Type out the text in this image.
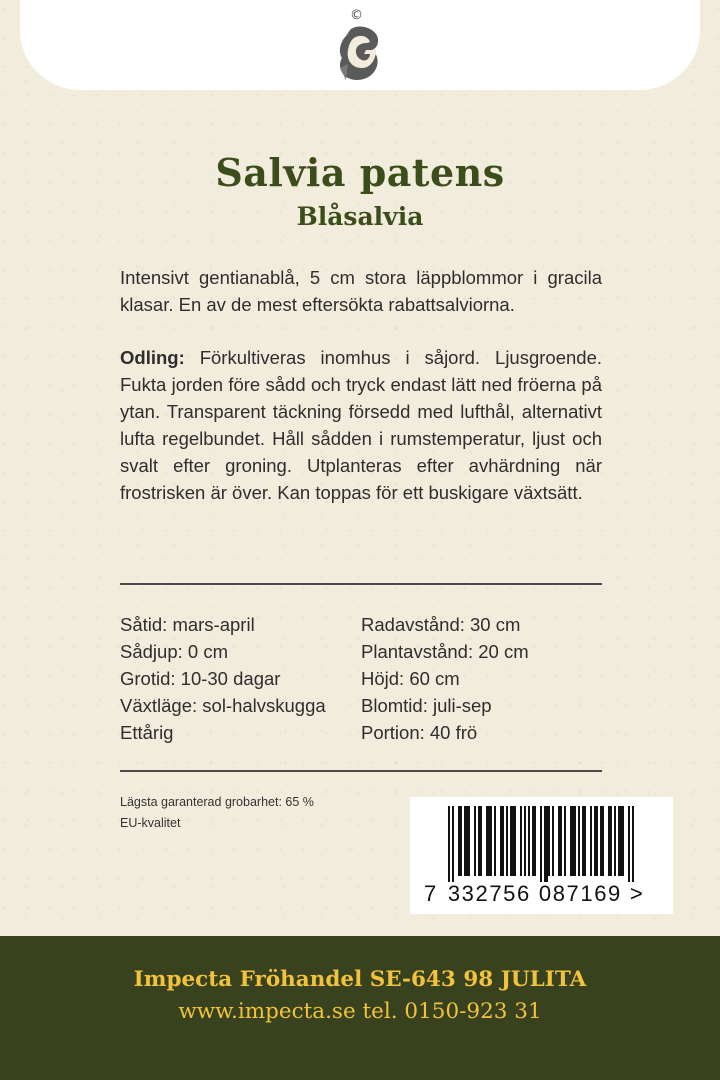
©
Salvia patens
Blåsalvia
Intensivt gentianablå, 5 cm stora läppblommor i gracila klasar. En av de mest eftersökta rabattsalviorna.
Odling: Förkultiveras inomhus i såjord. Ljusgroende. Fukta jorden före sådd och tryck endast lätt ned fröerna på ytan. Transparent täckning försedd med lufthål, alternativt lufta regelbundet. Håll sådden i rumstemperatur, ljust och svalt efter groning. Utplanteras efter avhärdning när frostrisken är över. Kan toppas för ett buskigare växtsätt.
Såtid: mars-april
Sådjup: 0 cm
Grotid: 10-30 dagar
Växtläge: sol-halvskugga
Ettårig
Radavstånd: 30 cm
Plantavstånd: 20 cm
Höjd: 60 cm
Blomtid: juli-sep
Portion: 40 frö
Lägsta garanterad grobarhet: 65 %
EU-kvalitet
7 332756 087169 >
Impecta Fröhandel SE-643 98 JULITA
www.impecta.se tel. 0150-923 31
